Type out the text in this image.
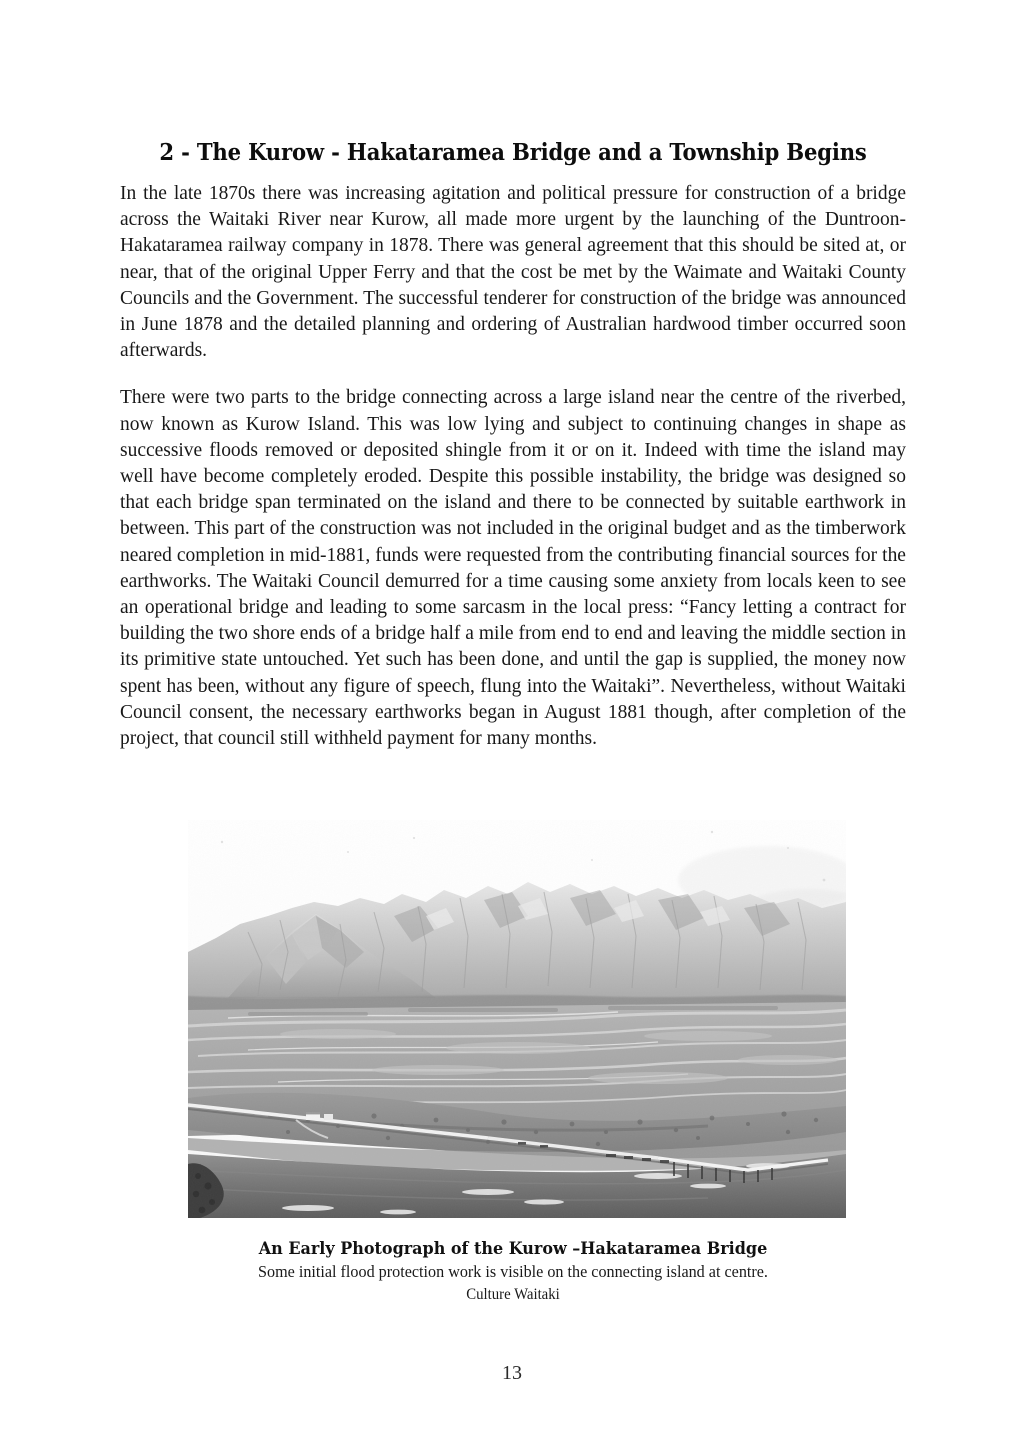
2 - The Kurow - Hakataramea Bridge and a Township Begins

In the late 1870s there was increasing agitation and political pressure for construction of a bridge across the Waitaki River near Kurow, all made more urgent by the launching of the Duntroon-Hakataramea railway company in 1878. There was general agreement that this should be sited at, or near, that of the original Upper Ferry and that the cost be met by the Waimate and Waitaki County Councils and the Government. The successful tenderer for construction of the bridge was announced in June 1878 and the detailed planning and ordering of Australian hardwood timber occurred soon afterwards.

There were two parts to the bridge connecting across a large island near the centre of the riverbed, now known as Kurow Island. This was low lying and subject to continuing changes in shape as successive floods removed or deposited shingle from it or on it. Indeed with time the island may well have become completely eroded. Despite this possible instability, the bridge was designed so that each bridge span terminated on the island and there to be connected by suitable earthwork in between. This part of the construction was not included in the original budget and as the timberwork neared completion in mid-1881, funds were requested from the contributing financial sources for the earthworks. The Waitaki Council demurred for a time causing some anxiety from locals keen to see an operational bridge and leading to some sarcasm in the local press: “Fancy letting a contract for building the two shore ends of a bridge half a mile from end to end and leaving the middle section in its primitive state untouched. Yet such has been done, and until the gap is supplied, the money now spent has been, without any figure of speech, flung into the Waitaki”. Nevertheless, without Waitaki Council consent, the necessary earthworks began in August 1881 though, after completion of the project, that council still withheld payment for many months.

An Early Photograph of the Kurow –Hakataramea Bridge
Some initial flood protection work is visible on the connecting island at centre.
Culture Waitaki
13
